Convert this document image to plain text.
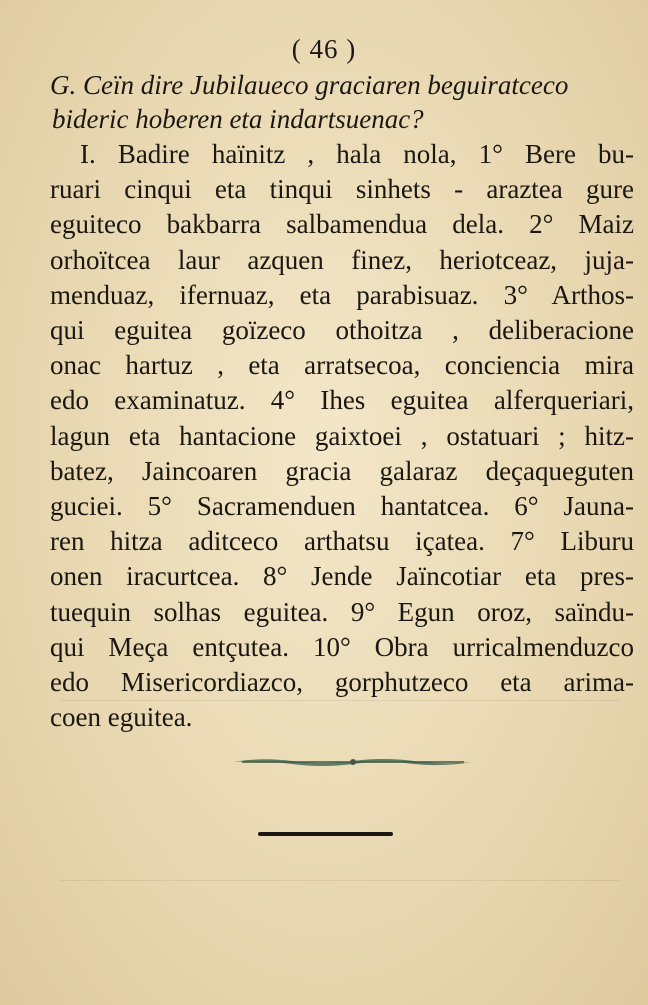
( 46 )
G. Ceïn dire Jubilaueco graciaren beguiratceco
bideric hoberen eta indartsuenac?
I. Badire haïnitz , hala nola, 1° Bere bu-
ruari cinqui eta tinqui sinhets - araztea gure
eguiteco bakbarra salbamendua dela. 2° Maiz
orhoïtcea laur azquen finez, heriotceaz, juja-
menduaz, ifernuaz, eta parabisuaz. 3° Arthos-
qui eguitea goïzeco othoitza , deliberacione
onac hartuz , eta arratsecoa, conciencia mira
edo examinatuz. 4° Ihes eguitea alferqueriari,
lagun eta hantacione gaixtoei , ostatuari ; hitz-
batez, Jaincoaren gracia galaraz deçaqueguten
guciei. 5° Sacramenduen hantatcea. 6° Jauna-
ren hitza aditceco arthatsu içatea. 7° Liburu
onen iracurtcea. 8° Jende Jaïncotiar eta pres-
tuequin solhas eguitea. 9° Egun oroz, saïndu-
qui Meça entçutea. 10° Obra urricalmenduzco
edo Misericordiazco, gorphutzeco eta arima-
coen eguitea.
